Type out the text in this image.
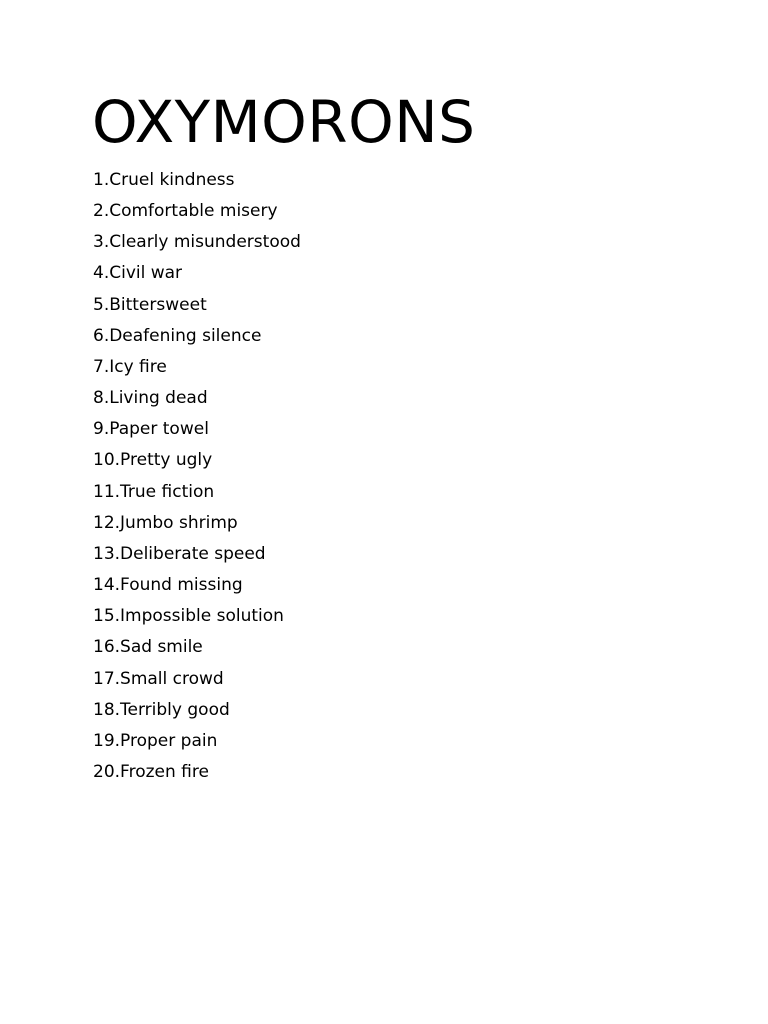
OXYMORONS
1.Cruel kindness
2.Comfortable misery
3.Clearly misunderstood
4.Civil war
5.Bittersweet
6.Deafening silence
7.Icy fire
8.Living dead
9.Paper towel
10.Pretty ugly
11.True fiction
12.Jumbo shrimp
13.Deliberate speed
14.Found missing
15.Impossible solution
16.Sad smile
17.Small crowd
18.Terribly good
19.Proper pain
20.Frozen fire
